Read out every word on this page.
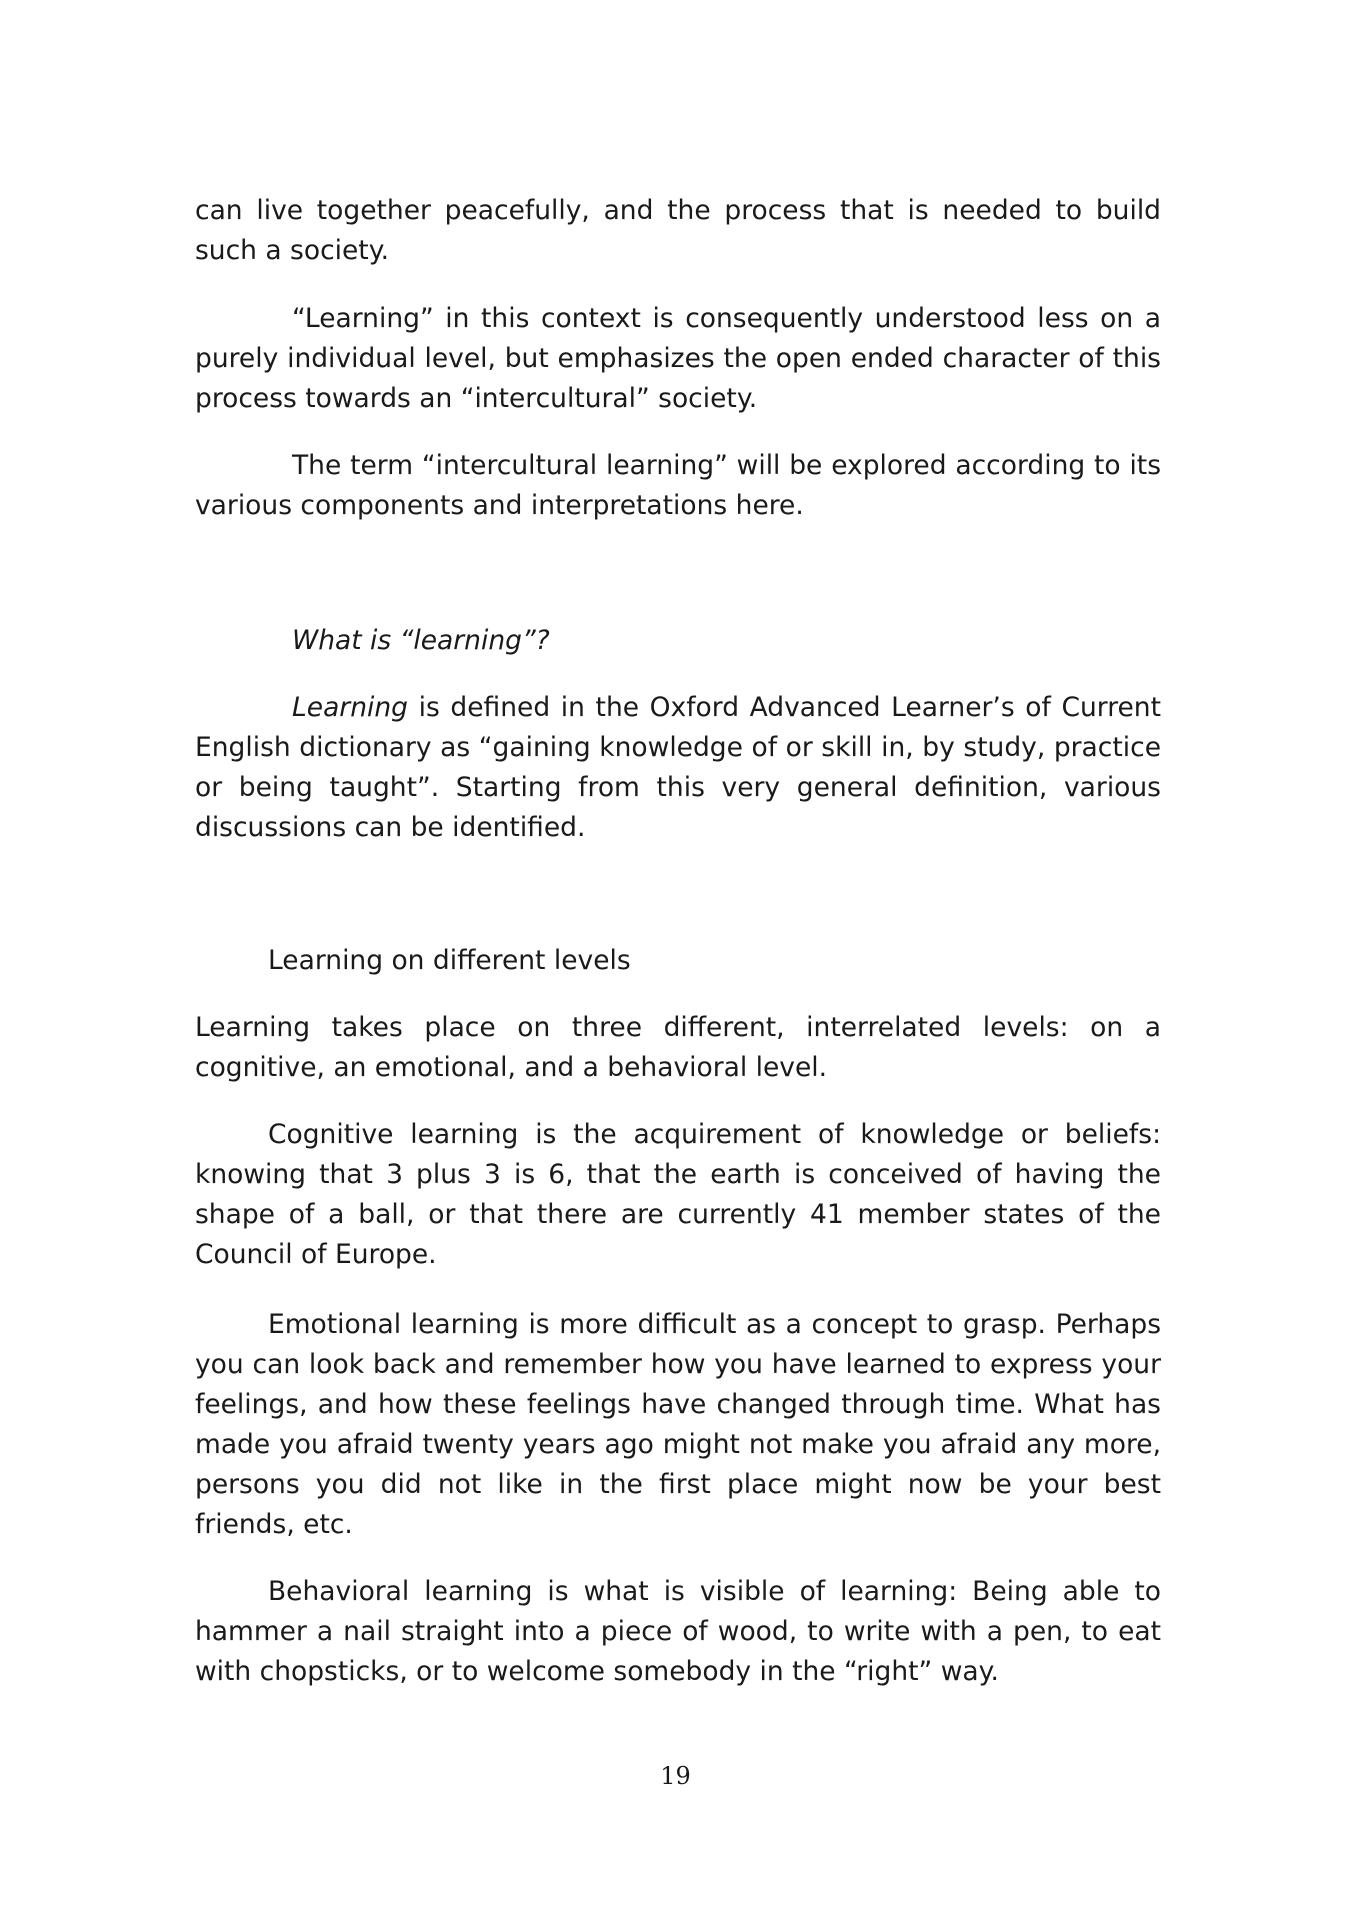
can live together peacefully, and the process that is needed to build such a society.

“Learning” in this context is consequently understood less on a purely individual level, but emphasizes the open ended character of this process towards an “intercultural” society.

The term “intercultural learning” will be explored according to its various components and interpretations here.

What is “learning”?

Learning is defined in the Oxford Advanced Learner’s of Current English dictionary as “gaining knowledge of or skill in, by study, practice or being taught”. Starting from this very general definition, various discussions can be identified.

Learning on different levels

Learning takes place on three different, interrelated levels: on a cognitive, an emotional, and a behavioral level.

Cognitive learning is the acquirement of knowledge or beliefs: knowing that 3 plus 3 is 6, that the earth is conceived of having the shape of a ball, or that there are currently 41 member states of the Council of Europe.

Emotional learning is more difficult as a concept to grasp. Perhaps you can look back and remember how you have learned to express your feelings, and how these feelings have changed through time. What has made you afraid twenty years ago might not make you afraid any more, persons you did not like in the first place might now be your best friends, etc.

Behavioral learning is what is visible of learning: Being able to hammer a nail straight into a piece of wood, to write with a pen, to eat with chopsticks, or to welcome somebody in the “right” way.

19
